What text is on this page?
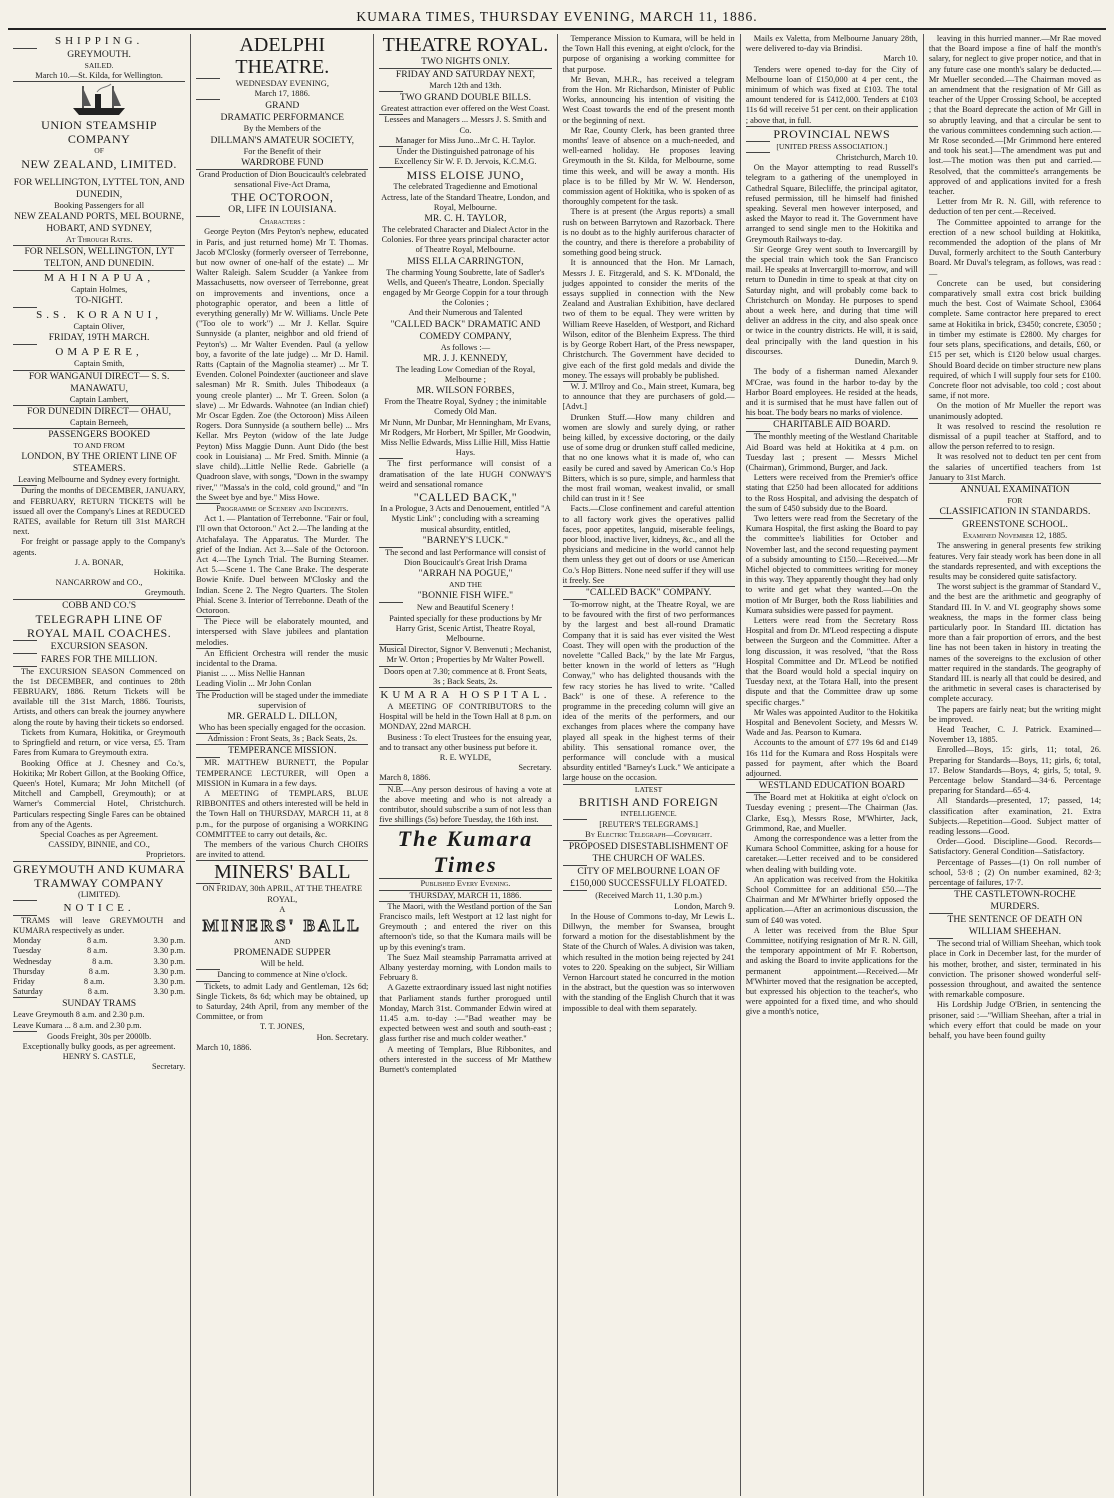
KUMARA TIMES, THURSDAY EVENING, MARCH 11, 1886.
SHIPPING.
GREYMOUTH.
SAILED.
March 10.—St. Kilda, for Wellington.
UNION STEAMSHIP COMPANY
OF
NEW ZEALAND, LIMITED.
FOR WELLINGTON, LYTTEL TON, AND DUNEDIN,
Booking Passengers for all
NEW ZEALAND PORTS, MEL BOURNE, HOBART, AND SYDNEY,
At Through Rates.
FOR NELSON, WELLINGTON, LYT TELTON, AND DUNEDIN.
MAHINAPUA,
Captain Holmes,
TO-NIGHT.
S.S. KORANUI,
Captain Oliver,
FRIDAY, 19TH MARCH.
OMAPERE,
Captain Smith,
FOR WANGANUI DIRECT— S. S. MANAWATU,
Captain Lambert,
FOR DUNEDIN DIRECT— OHAU,
Captain Berneeh,
PASSENGERS BOOKED
TO AND FROM
LONDON, BY THE ORIENT LINE OF STEAMERS.
Leaving Melbourne and Sydney every fortnight.

During the months of DECEMBER, JANUARY, and FEBRUARY, RETURN TICKETS will be issued all over the Company's Lines at REDUCED RATES, available for Return till 31st MARCH next.

For freight or passage apply to the Company's agents.

J. A. BONAR,
Hokitika.
NANCARROW and CO.,
Greymouth.
COBB AND CO.'S
TELEGRAPH LINE OF ROYAL MAIL COACHES.
EXCURSION SEASON.
FARES FOR THE MILLION.

The EXCURSION SEASON Commenced on the 1st DECEMBER, and continues to 28th FEBRUARY, 1886. Return Tickets will be available till the 31st March, 1886. Tourists, Artists, and others can break the journey anywhere along the route by having their tickets so endorsed.

Tickets from Kumara, Hokitika, or Greymouth to Springfield and return, or vice versa, £5. Tram Fares from Kumara to Greymouth extra.

Booking Office at J. Chesney and Co.'s, Hokitika; Mr Robert Gillon, at the Booking Office, Queen's Hotel, Kumara; Mr John Mitchell (of Mitchell and Campbell, Greymouth); or at Warner's Commercial Hotel, Christchurch. Particulars respecting Single Fares can be obtained from any of the Agents.

Special Coaches as per Agreement.
CASSIDY, BINNIE, and CO.,
Proprietors.
GREYMOUTH AND KUMARA TRAMWAY COMPANY
(LIMITED).
NOTICE.

TRAMS will leave GREYMOUTH and KUMARA respectively as under.

Monday	8 a.m.	3.30 p.m.
Tuesday	8 a.m.	3.30 p.m.
Wednesday	8 a.m.	3.30 p.m.
Thursday	8 a.m.	3.30 p.m.
Friday	8 a.m.	3.30 p.m.
Saturday	8 a.m.	3.30 p.m.
SUNDAY TRAMS
Leave Greymouth 8 a.m. and 2.30 p.m.
Leave Kumara ... 8 a.m. and 2.30 p.m.
Goods Freight, 30s per 2000lb.
Exceptionally bulky goods, as per agreement.
HENRY S. CASTLE,
Secretary.
ADELPHI THEATRE.
WEDNESDAY EVENING,
March 17, 1886.
GRAND
DRAMATIC PERFORMANCE
By the Members of the
DILLMAN'S AMATEUR SOCIETY,
For the Benefit of their
WARDROBE FUND
Grand Production of Dion Boucicault's celebrated sensational Five-Act Drama,
THE OCTOROON,
OR, LIFE IN LOUISIANA.
Characters :

George Peyton (Mrs Peyton's nephew, educated in Paris, and just returned home) Mr T. Thomas. Jacob M'Closky (formerly overseer of Terrebonne, but now owner of one-half of the estate) ... Mr Walter Raleigh. Salem Scudder (a Yankee from Massachusetts, now overseer of Terrebonne, great on improvements and inventions, once a photographic operator, and been a little of everything generally) Mr W. Williams. Uncle Pete ("Too ole to work") ... Mr J. Kellar. Squire Sunnyside (a planter, neighbor and old friend of Peyton's) ... Mr Walter Evenden. Paul (a yellow boy, a favorite of the late judge) ... Mr D. Hamil. Ratts (Captain of the Magnolia steamer) ... Mr T. Evenden. Colonel Poindexter (auctioneer and slave salesman) Mr R. Smith. Jules Thibodeaux (a young creole planter) ... Mr T. Green. Solon (a slave) ... Mr Edwards. Wahnotee (an Indian chief) Mr Oscar Egden. Zoe (the Octoroon) Miss Aileen Rogers. Dora Sunnyside (a southern belle) ... Mrs Kellar. Mrs Peyton (widow of the late Judge Peyton) Miss Maggie Dunn. Aunt Dido (the best cook in Louisiana) ... Mr Fred. Smith. Minnie (a slave child)...Little Nellie Rede. Gabrielle (a Quadroon slave, with songs, "Down in the swampy river," "Massa's in the cold, cold ground," and "In the Sweet bye and bye." Miss Howe.

Programme of Scenery and Incidents.

Act 1. — Plantation of Terrebonne. "Fair or foul, I'll own that Octoroon." Act 2.—The landing at the Atchafalaya. The Apparatus. The Murder. The grief of the Indian. Act 3.—Sale of the Octoroon. Act 4.—The Lynch Trial. The Burning Steamer. Act 5.—Scene 1. The Cane Brake. The desperate Bowie Knife. Duel between M'Closky and the Indian. Scene 2. The Negro Quarters. The Stolen Phial. Scene 3. Interior of Terrebonne. Death of the Octoroon.

The Piece will be elaborately mounted, and interspersed with Slave jubilees and plantation melodies.

An Efficient Orchestra will render the music incidental to the Drama.

Pianist ... ... Miss Nellie Hannan
Leading Violin ... Mr John Conlan
The Production will be staged under the immediate supervision of
MR. GERALD L. DILLON,
Who has been specially engaged for the occasion.
Admission : Front Seats, 3s ; Back Seats, 2s.
TEMPERANCE MISSION.

MR. MATTHEW BURNETT, the Popular TEMPERANCE LECTURER, will Open a MISSION in Kumara in a few days.

A MEETING of TEMPLARS, BLUE RIBBONITES and others interested will be held in the Town Hall on THURSDAY, MARCH 11, at 8 p.m., for the purpose of organising a WORKING COMMITTEE to carry out details, &c.

The members of the various Church CHOIRS are invited to attend.

MINERS' BALL
ON FRIDAY, 30th APRIL, AT THE THEATRE ROYAL,
A
MINERS' BALL
AND
PROMENADE SUPPER
Will be held.
Dancing to commence at Nine o'clock.

Tickets, to admit Lady and Gentleman, 12s 6d; Single Tickets, 8s 6d; which may be obtained, up to Saturday, 24th April, from any member of the Committee, or from

T. T. JONES,
Hon. Secretary.
March 10, 1886.
THEATRE ROYAL.
TWO NIGHTS ONLY.
FRIDAY AND SATURDAY NEXT,
March 12th and 13th.
TWO GRAND DOUBLE BILLS.
Greatest attraction ever offered on the West Coast.
Lessees and Managers ... Messrs J. S. Smith and Co.
Manager for Miss Juno...Mr C. H. Taylor.
Under the Distinguished patronage of his Excellency Sir W. F. D. Jervois, K.C.M.G.
MISS ELOISE JUNO,
The celebrated Tragedienne and Emotional Actress, late of the Standard Theatre, London, and Royal, Melbourne.
MR. C. H. TAYLOR,
The celebrated Character and Dialect Actor in the Colonies. For three years principal character actor of Theatre Royal, Melbourne.
MISS ELLA CARRINGTON,
The charming Young Soubrette, late of Sadler's Wells, and Queen's Theatre, London. Specially engaged by Mr George Coppin for a tour through the Colonies ;
And their Numerous and Talented
"CALLED BACK" DRAMATIC AND COMEDY COMPANY,
As follows :—
MR. J. J. KENNEDY,
The leading Low Comedian of the Royal, Melbourne ;
MR. WILSON FORBES,
From the Theatre Royal, Sydney ; the inimitable Comedy Old Man.
Mr Nunn, Mr Dunbar, Mr Henningham, Mr Evans, Mr Rodgers, Mr Horbert, Mr Spiller, Mr Goodwin, Miss Nellie Edwards, Miss Lillie Hill, Miss Hattie Hays.

The first performance will consist of a dramatisation of the late HUGH CONWAY'S weird and sensational romance

"CALLED BACK,"
In a Prologue, 3 Acts and Denouement, entitled "A Mystic Link" ; concluding with a screaming musical absurdity, entitled,
"BARNEY'S LUCK."
The second and last Performance will consist of
Dion Boucicault's Great Irish Drama
"ARRAH NA POGUE,"
AND THE
"BONNIE FISH WIFE."
New and Beautiful Scenery !
Painted specially for these productions by Mr Harry Grist, Scenic Artist, Theatre Royal, Melbourne.
Musical Director, Signor V. Benvenuti ; Mechanist, Mr W. Orton ; Properties by Mr Walter Powell.
Doors open at 7.30; commence at 8. Front Seats, 3s ; Back Seats, 2s.
KUMARA HOSPITAL.

A MEETING OF CONTRIBUTORS to the Hospital will be held in the Town Hall at 8 p.m. on MONDAY, 22nd MARCH.

Business : To elect Trustees for the ensuing year, and to transact any other business put before it.

R. E. WYLDE,
Secretary.
March 8, 1886.

N.B.—Any person desirous of having a vote at the above meeting and who is not already a contributor, should subscribe a sum of not less than five shillings (5s) before Tuesday, the 16th inst.

The Kumara Times
Published Every Evening.
THURSDAY, MARCH 11, 1886.

The Maori, with the Westland portion of the San Francisco mails, left Westport at 12 last night for Greymouth ; and entered the river on this afternoon's tide, so that the Kumara mails will be up by this evening's tram.

The Suez Mail steamship Parramatta arrived at Albany yesterday morning, with London mails to February 8.

A Gazette extraordinary issued last night notifies that Parliament stands further prorogued until Monday, March 31st. Commander Edwin wired at 11.45 a.m. to-day :—"Bad weather may be expected between west and south and south-east ; glass further rise and much colder weather."

A meeting of Templars, Blue Ribbonites, and others interested in the success of Mr Matthew Burnett's contemplated

Temperance Mission to Kumara, will be held in the Town Hall this evening, at eight o'clock, for the purpose of organising a working committee for that purpose.

Mr Bevan, M.H.R., has received a telegram from the Hon. Mr Richardson, Minister of Public Works, announcing his intention of visiting the West Coast towards the end of the present month or the beginning of next.

Mr Rae, County Clerk, has been granted three months' leave of absence on a much-needed, and well-earned holiday. He proposes leaving Greymouth in the St. Kilda, for Melbourne, some time this week, and will be away a month. His place is to be filled by Mr W. W. Henderson, commission agent of Hokitika, who is spoken of as thoroughly competent for the task.

There is at present (the Argus reports) a small rush on between Barrytown and Razorback. There is no doubt as to the highly auriferous character of the country, and there is therefore a probability of something good being struck.

It is announced that the Hon. Mr Larnach, Messrs J. E. Fitzgerald, and S. K. M'Donald, the judges appointed to consider the merits of the essays supplied in connection with the New Zealand and Australian Exhibition, have declared two of them to be equal. They were written by William Reeve Haselden, of Westport, and Richard Wilson, editor of the Blenheim Express. The third is by George Robert Hart, of the Press newspaper, Christchurch. The Government have decided to give each of the first gold medals and divide the money. The essays will probably be published.

W. J. M'Ilroy and Co., Main street, Kumara, beg to announce that they are purchasers of gold.—[Advt.]

Drunken Stuff.—How many children and women are slowly and surely dying, or rather being killed, by excessive doctoring, or the daily use of some drug or drunken stuff called medicine, that no one knows what it is made of, who can easily be cured and saved by American Co.'s Hop Bitters, which is so pure, simple, and harmless that the most frail woman, weakest invalid, or small child can trust in it ! See

Facts.—Close confinement and careful attention to all factory work gives the operatives pallid faces, poor appetites, languid, miserable feelings, poor blood, inactive liver, kidneys, &c., and all the physicians and medicine in the world cannot help them unless they get out of doors or use American Co.'s Hop Bitters. None need suffer if they will use it freely. See

"CALLED BACK" COMPANY.

To-morrow night, at the Theatre Royal, we are to be favoured with the first of two performances by the largest and best all-round Dramatic Company that it is said has ever visited the West Coast. They will open with the production of the novelette "Called Back," by the late Mr Fargus, better known in the world of letters as "Hugh Conway," who has delighted thousands with the few racy stories he has lived to write. "Called Back" is one of these. A reference to the programme in the preceding column will give an idea of the merits of the performers, and our exchanges from places where the company have played all speak in the highest terms of their ability. This sensational romance over, the performance will conclude with a musical absurdity entitled "Barney's Luck." We anticipate a large house on the occasion.

LATEST
BRITISH AND FOREIGN
INTELLIGENCE.
[REUTER'S TELEGRAMS.]
By Electric Telegraph—Copyright.
PROPOSED DISESTABLISHMENT OF THE CHURCH OF WALES.
CITY OF MELBOURNE LOAN OF £150,000 SUCCESSFULLY FLOATED.
(Received March 11, 1.30 p.m.)
London, March 9.

In the House of Commons to-day, Mr Lewis L. Dillwyn, the member for Swansea, brought forward a motion for the disestablishment by the State of the Church of Wales. A division was taken, which resulted in the motion being rejected by 241 votes to 220. Speaking on the subject, Sir William Vernon Harcourt stated he concurred in the motion in the abstract, but the question was so interwoven with the standing of the English Church that it was impossible to deal with them separately.

Mails ex Valetta, from Melbourne January 28th, were delivered to-day via Brindisi.

March 10.

Tenders were opened to-day for the City of Melbourne loan of £150,000 at 4 per cent., the minimum of which was fixed at £103. The total amount tendered for is £412,000. Tenders at £103 11s 6d will receive 51 per cent. on their application ; above that, in full.

PROVINCIAL NEWS
[UNITED PRESS ASSOCIATION.]
Christchurch, March 10.

On the Mayor attempting to read Russell's telegram to a gathering of the unemployed in Cathedral Square, Bilecliffe, the principal agitator, refused permission, till he himself had finished speaking. Several men however interposed, and asked the Mayor to read it. The Government have arranged to send single men to the Hokitika and Greymouth Railways to-day.

Sir George Grey went south to Invercargill by the special train which took the San Francisco mail. He speaks at Invercargill to-morrow, and will return to Dunedin in time to speak at that city on Saturday night, and will probably come back to Christchurch on Monday. He purposes to spend about a week here, and during that time will deliver an address in the city, and also speak once or twice in the country districts. He will, it is said, deal principally with the land question in his discourses.

Dunedin, March 9.

The body of a fisherman named Alexander M'Crae, was found in the harbor to-day by the Harbor Board employees. He resided at the heads, and it is surmised that he must have fallen out of his boat. The body bears no marks of violence.

CHARITABLE AID BOARD.

The monthly meeting of the Westland Charitable Aid Board was held at Hokitika at 4 p.m. on Tuesday last ; present — Messrs Michel (Chairman), Grimmond, Burger, and Jack.

Letters were received from the Premier's office stating that £250 had been allocated for additions to the Ross Hospital, and advising the despatch of the sum of £450 subsidy due to the Board.

Two letters were read from the Secretary of the Kumara Hospital, the first asking the Board to pay the committee's liabilities for October and November last, and the second requesting payment of a subsidy amounting to £150.—Received.—Mr Michel objected to committees writing for money in this way. They apparently thought they had only to write and get what they wanted.—On the motion of Mr Burger, both the Ross liabilities and Kumara subsidies were passed for payment.

Letters were read from the Secretary Ross Hospital and from Dr. M'Leod respecting a dispute between the Surgeon and the Committee. After a long discussion, it was resolved, "that the Ross Hospital Committee and Dr. M'Leod be notified that the Board would hold a special inquiry on Tuesday next, at the Totara Hall, into the present dispute and that the Committee draw up some specific charges."

Mr Wales was appointed Auditor to the Hokitika Hospital and Benevolent Society, and Messrs W. Wade and Jas. Pearson to Kumara.

Accounts to the amount of £77 19s 6d and £149 16s 11d for the Kumara and Ross Hospitals were passed for payment, after which the Board adjourned.

WESTLAND EDUCATION BOARD

The Board met at Hokitika at eight o'clock on Tuesday evening ; present—The Chairman (Jas. Clarke, Esq.), Messrs Rose, M'Whirter, Jack, Grimmond, Rae, and Mueller.

Among the correspondence was a letter from the Kumara School Committee, asking for a house for caretaker.—Letter received and to be considered when dealing with building vote.

An application was received from the Hokitika School Committee for an additional £50.—The Chairman and Mr M'Whirter briefly opposed the application.—After an acrimonious discussion, the sum of £40 was voted.

A letter was received from the Blue Spur Committee, notifying resignation of Mr R. N. Gill, the temporary appointment of Mr F. Robertson, and asking the Board to invite applications for the permanent appointment.—Received.—Mr M'Whirter moved that the resignation be accepted, but expressed his objection to the teacher's, who were appointed for a fixed time, and who should give a month's notice,

leaving in this hurried manner.—Mr Rae moved that the Board impose a fine of half the month's salary, for neglect to give proper notice, and that in any future case one month's salary be deducted.—Mr Mueller seconded.—The Chairman moved as an amendment that the resignation of Mr Gill as teacher of the Upper Crossing School, be accepted ; that the Board deprecate the action of Mr Gill in so abruptly leaving, and that a circular be sent to the various committees condemning such action.—Mr Rose seconded.—[Mr Grimmond here entered and took his seat.]—The amendment was put and lost.—The motion was then put and carried.—Resolved, that the committee's arrangements be approved of and applications invited for a fresh teacher.

Letter from Mr R. N. Gill, with reference to deduction of ten per cent.—Received.

The Committee appointed to arrange for the erection of a new school building at Hokitika, recommended the adoption of the plans of Mr Duval, formerly architect to the South Canterbury Board. Mr Duval's telegram, as follows, was read :—

Concrete can be used, but considering comparatively small extra cost brick building much the best. Cost of Waimate School, £3064 complete. Same contractor here prepared to erect same at Hokitika in brick, £3450; concrete, £3050 ; in timber my estimate is £2800. My charges for four sets plans, specifications, and details, £60, or £15 per set, which is £120 below usual charges. Should Board decide on timber structure new plans required, of which I will supply four sets for £100. Concrete floor not advisable, too cold ; cost about same, if not more.

On the motion of Mr Mueller the report was unanimously adopted.

It was resolved to rescind the resolution re dismissal of a pupil teacher at Stafford, and to allow the person referred to to resign.

It was resolved not to deduct ten per cent from the salaries of uncertified teachers from 1st January to 31st March.

ANNUAL EXAMINATION
FOR
CLASSIFICATION IN STANDARDS.
GREENSTONE SCHOOL.
Examined November 12, 1885.

The answering in general presents few striking features. Very fair steady work has been done in all the standards represented, and with exceptions the results may be considered quite satisfactory.

The worst subject is the grammar of Standard V., and the best are the arithmetic and geography of Standard III. In V. and VI. geography shows some weakness, the maps in the former class being particularly poor. In Standard III. dictation has more than a fair proportion of errors, and the best line has not been taken in history in treating the names of the sovereigns to the exclusion of other matter required in the standards. The geography of Standard III. is nearly all that could be desired, and the arithmetic in several cases is characterised by complete accuracy.

The papers are fairly neat; but the writing might be improved.

Head Teacher, C. J. Patrick. Examined—November 13, 1885.

Enrolled—Boys, 15: girls, 11; total, 26. Preparing for Standards—Boys, 11; girls, 6; total, 17. Below Standards—Boys, 4; girls, 5; total, 9. Percentage below Standard—34·6. Percentage preparing for Standard—65·4.

All Standards—presented, 17; passed, 14; classification after examination, 21. Extra Subjects.—Repetition—Good. Subject matter of reading lessons—Good.

Order—Good. Discipline—Good. Records—Satisfactory. General Condition—Satisfactory.

Percentage of Passes—(1) On roll number of school, 53·8 ; (2) On number examined, 82·3; percentage of failures, 17·7.

THE CASTLETOWN-ROCHE MURDERS.
THE SENTENCE OF DEATH ON WILLIAM SHEEHAN.

The second trial of William Sheehan, which took place in Cork in December last, for the murder of his mother, brother, and sister, terminated in his conviction. The prisoner showed wonderful self-possession throughout, and awaited the sentence with remarkable composure.

His Lordship Judge O'Brien, in sentencing the prisoner, said :—"William Sheehan, after a trial in which every effort that could be made on your behalf, you have been found guilty
